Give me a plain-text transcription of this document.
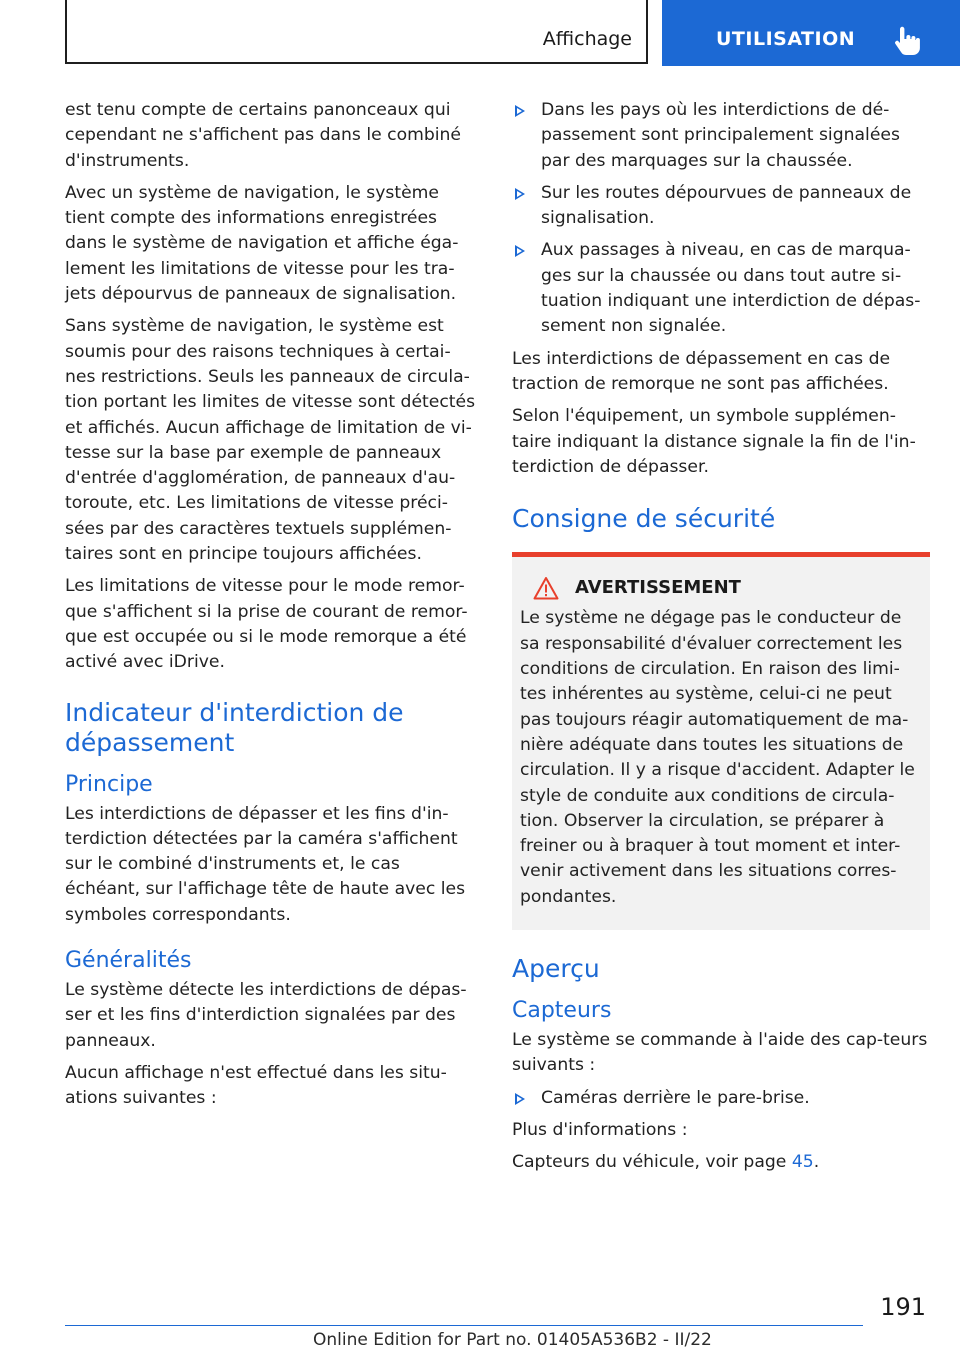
Affichage	UTILISATION

est tenu compte de certains panonceaux qui cependant ne s'affichent pas dans le combiné d'instruments.

Avec un système de navigation, le système tient compte des informations enregistrées dans le système de navigation et affiche éga-lement les limitations de vitesse pour les tra-jets dépourvus de panneaux de signalisation.

Sans système de navigation, le système est soumis pour des raisons techniques à certai-nes restrictions. Seuls les panneaux de circula-tion portant les limites de vitesse sont détectés et affichés. Aucun affichage de limitation de vi-tesse sur la base par exemple de panneaux d'entrée d'agglomération, de panneaux d'au-toroute, etc. Les limitations de vitesse préci-sées par des caractères textuels supplémen-taires sont en principe toujours affichées.

Les limitations de vitesse pour le mode remor-que s'affichent si la prise de courant de remor-que est occupée ou si le mode remorque a été activé avec iDrive.

Indicateur d'interdiction de dépassement
Principe

Les interdictions de dépasser et les fins d'in-terdiction détectées par la caméra s'affichent sur le combiné d'instruments et, le cas échéant, sur l'affichage tête de haute avec les symboles correspondants.

Généralités

Le système détecte les interdictions de dépas-ser et les fins d'interdiction signalées par des panneaux.

Aucun affichage n'est effectué dans les situ-ations suivantes :

Dans les pays où les interdictions de dé-passement sont principalement signalées par des marquages sur la chaussée.
Sur les routes dépourvues de panneaux de signalisation.
Aux passages à niveau, en cas de marqua-ges sur la chaussée ou dans tout autre si-tuation indiquant une interdiction de dépas-sement non signalée.

Les interdictions de dépassement en cas de traction de remorque ne sont pas affichées.

Selon l'équipement, un symbole supplémen-taire indiquant la distance signale la fin de l'in-terdiction de dépasser.

Consigne de sécurité
AVERTISSEMENT

Le système ne dégage pas le conducteur de sa responsabilité d'évaluer correctement les conditions de circulation. En raison des limi-tes inhérentes au système, celui-ci ne peut pas toujours réagir automatiquement de ma-nière adéquate dans toutes les situations de circulation. Il y a risque d'accident. Adapter le style de conduite aux conditions de circula-tion. Observer la circulation, se préparer à freiner ou à braquer à tout moment et inter-venir activement dans les situations corres-pondantes.

Aperçu
Capteurs

Le système se commande à l'aide des cap-teurs suivants :

Caméras derrière le pare-brise.

Plus d'informations :

Capteurs du véhicule, voir page 45.

191
Online Edition for Part no. 01405A536B2 - II/22
